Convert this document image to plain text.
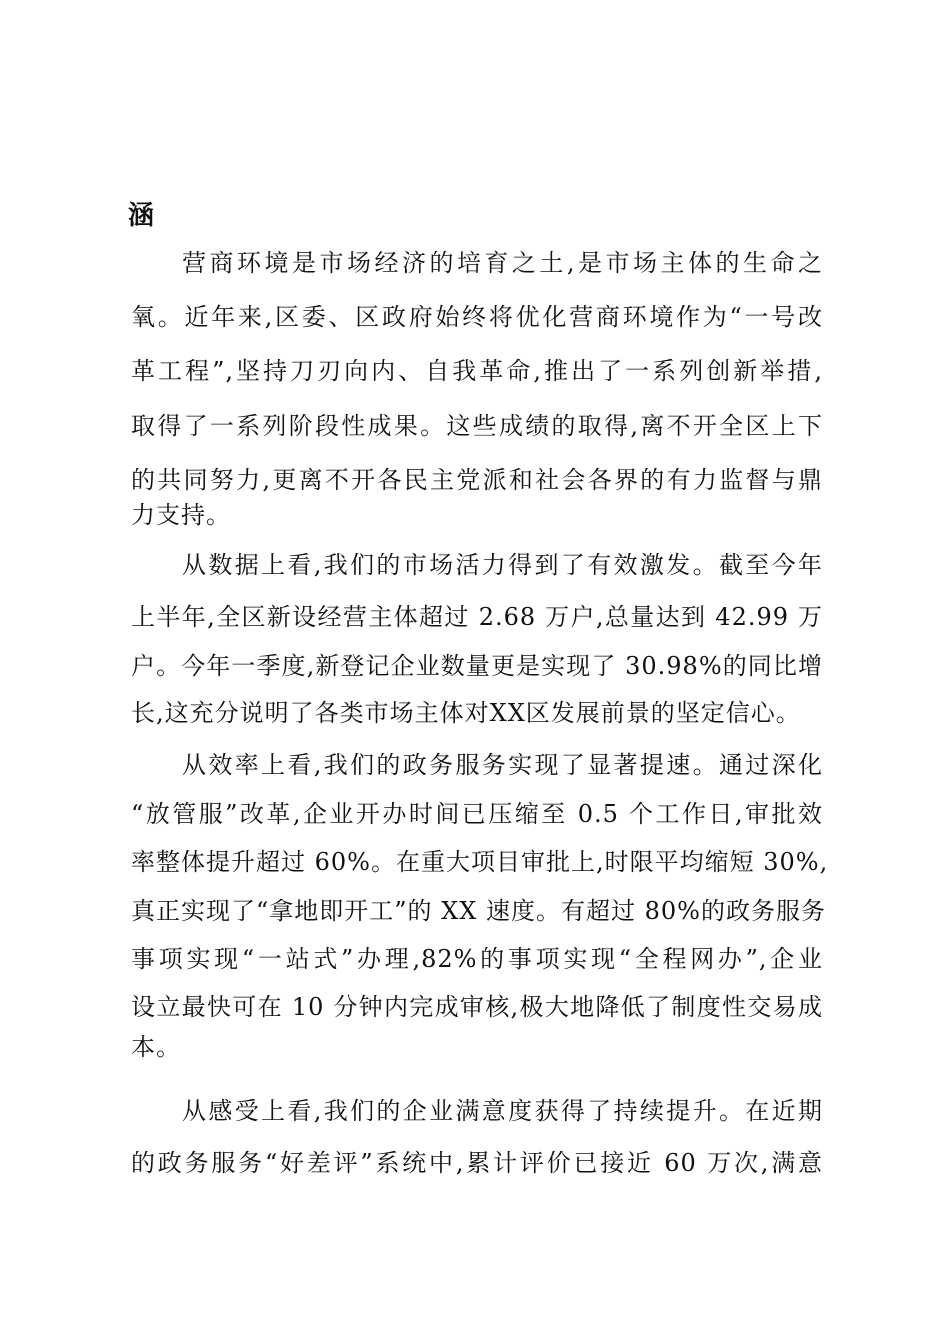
涵
营商环境是市场经济的培育之土,是市场主体的生命之
氧。近年来,区委、区政府始终将优化营商环境作为“一号改
革工程”,坚持刀刃向内、自我革命,推出了一系列创新举措,
取得了一系列阶段性成果。这些成绩的取得,离不开全区上下
的共同努力,更离不开各民主党派和社会各界的有力监督与鼎
力支持。
从数据上看,我们的市场活力得到了有效激发。截至今年
上半年,全区新设经营主体超过 2.68 万户,总量达到 42.99 万
户。今年一季度,新登记企业数量更是实现了 30.98%的同比增
长,这充分说明了各类市场主体对XX区发展前景的坚定信心。
从效率上看,我们的政务服务实现了显著提速。通过深化
“放管服”改革,企业开办时间已压缩至 0.5 个工作日,审批效
率整体提升超过 60%。在重大项目审批上,时限平均缩短 30%,
真正实现了“拿地即开工”的 XX 速度。有超过 80%的政务服务
事项实现“一站式”办理,82%的事项实现“全程网办”,企业
设立最快可在 10 分钟内完成审核,极大地降低了制度性交易成
本。
从感受上看,我们的企业满意度获得了持续提升。在近期
的政务服务“好差评”系统中,累计评价已接近 60 万次,满意
